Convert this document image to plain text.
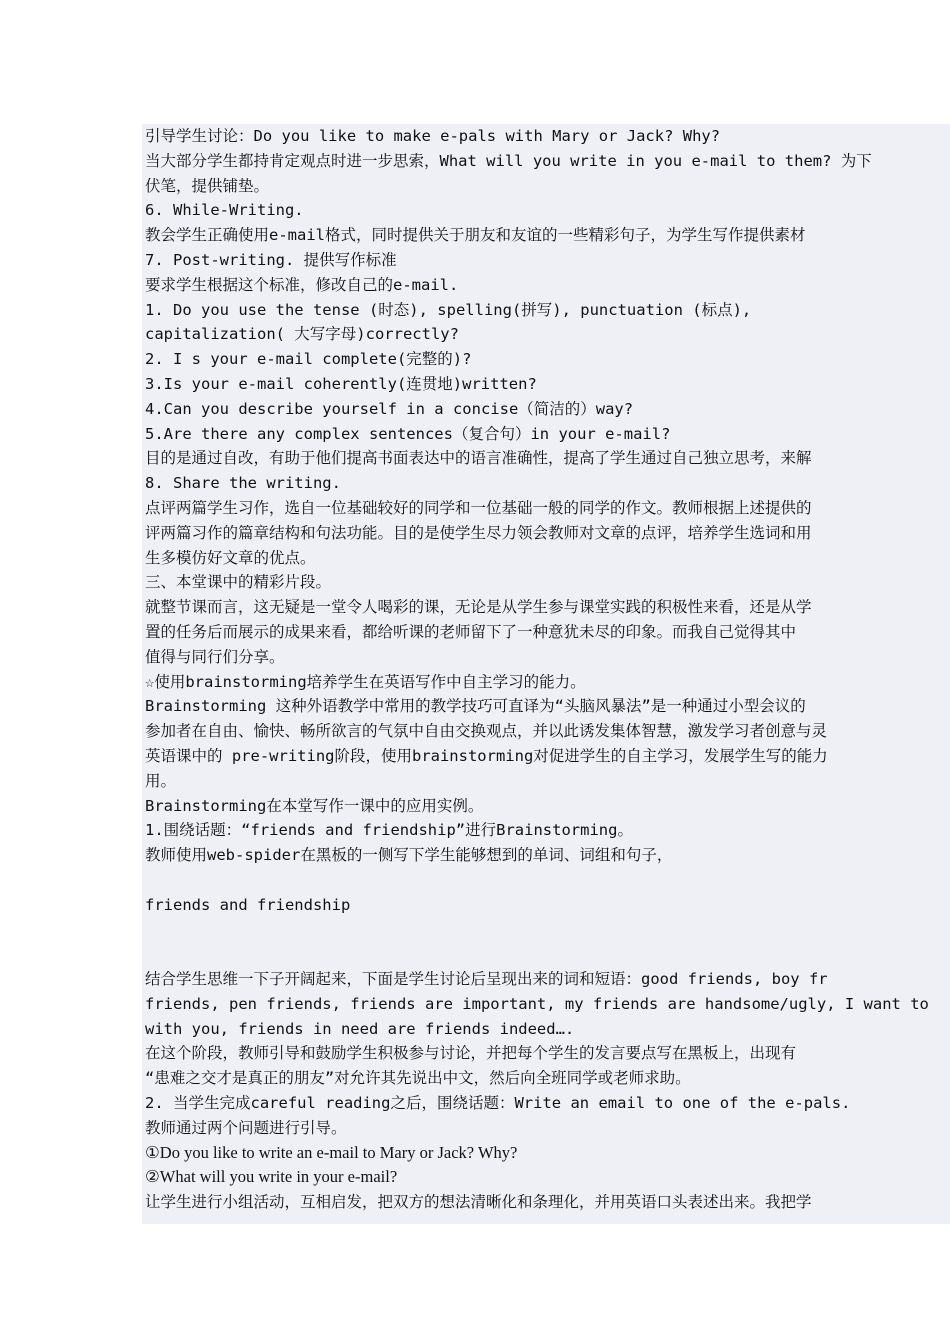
引导学生讨论：Do you like to make e-pals with Mary or Jack? Why?
当大部分学生都持肯定观点时进一步思索，What will you write in you e-mail to them? 为下
伏笔，提供铺垫。
6. While-Writing.
教会学生正确使用e-mail格式，同时提供关于朋友和友谊的一些精彩句子，为学生写作提供素材
7. Post-writing. 提供写作标准
要求学生根据这个标准，修改自己的e-mail.
1. Do you use the tense (时态), spelling(拼写), punctuation (标点),
capitalization( 大写字母)correctly?
2. I s your e-mail complete(完整的)?
3.Is your e-mail coherently(连贯地)written?
4.Can you describe yourself in a concise（简洁的）way?
5.Are there any complex sentences（复合句）in your e-mail?
目的是通过自改，有助于他们提高书面表达中的语言准确性，提高了学生通过自己独立思考，来解
8. Share the writing.
点评两篇学生习作，选自一位基础较好的同学和一位基础一般的同学的作文。教师根据上述提供的
评两篇习作的篇章结构和句法功能。目的是使学生尽力领会教师对文章的点评，培养学生选词和用
生多模仿好文章的优点。
三、本堂课中的精彩片段。
就整节课而言，这无疑是一堂令人喝彩的课，无论是从学生参与课堂实践的积极性来看，还是从学
置的任务后而展示的成果来看，都给听课的老师留下了一种意犹未尽的印象。而我自己觉得其中
值得与同行们分享。
☆使用brainstorming培养学生在英语写作中自主学习的能力。
Brainstorming 这种外语教学中常用的教学技巧可直译为“头脑风暴法”是一种通过小型会议的
参加者在自由、愉快、畅所欲言的气氛中自由交换观点，并以此诱发集体智慧，激发学习者创意与灵
英语课中的 pre-writing阶段，使用brainstorming对促进学生的自主学习，发展学生写的能力
用。
Brainstorming在本堂写作一课中的应用实例。
1.围绕话题：“friends and friendship”进行Brainstorming。
教师使用web-spider在黑板的一侧写下学生能够想到的单词、词组和句子，
friends and friendship
结合学生思维一下子开阔起来，下面是学生讨论后呈现出来的词和短语：good friends, boy fr
friends, pen friends, friends are important, my friends are handsome/ugly, I want to
with you, friends in need are friends indeed….
在这个阶段，教师引导和鼓励学生积极参与讨论，并把每个学生的发言要点写在黑板上，出现有
“患难之交才是真正的朋友”对允许其先说出中文，然后向全班同学或老师求助。
2. 当学生完成careful reading之后，围绕话题：Write an email to one of the e-pals.
教师通过两个问题进行引导。
①Do you like to write an e-mail to Mary or Jack? Why?
②What will you write in your e-mail?
让学生进行小组活动，互相启发，把双方的想法清晰化和条理化，并用英语口头表述出来。我把学
